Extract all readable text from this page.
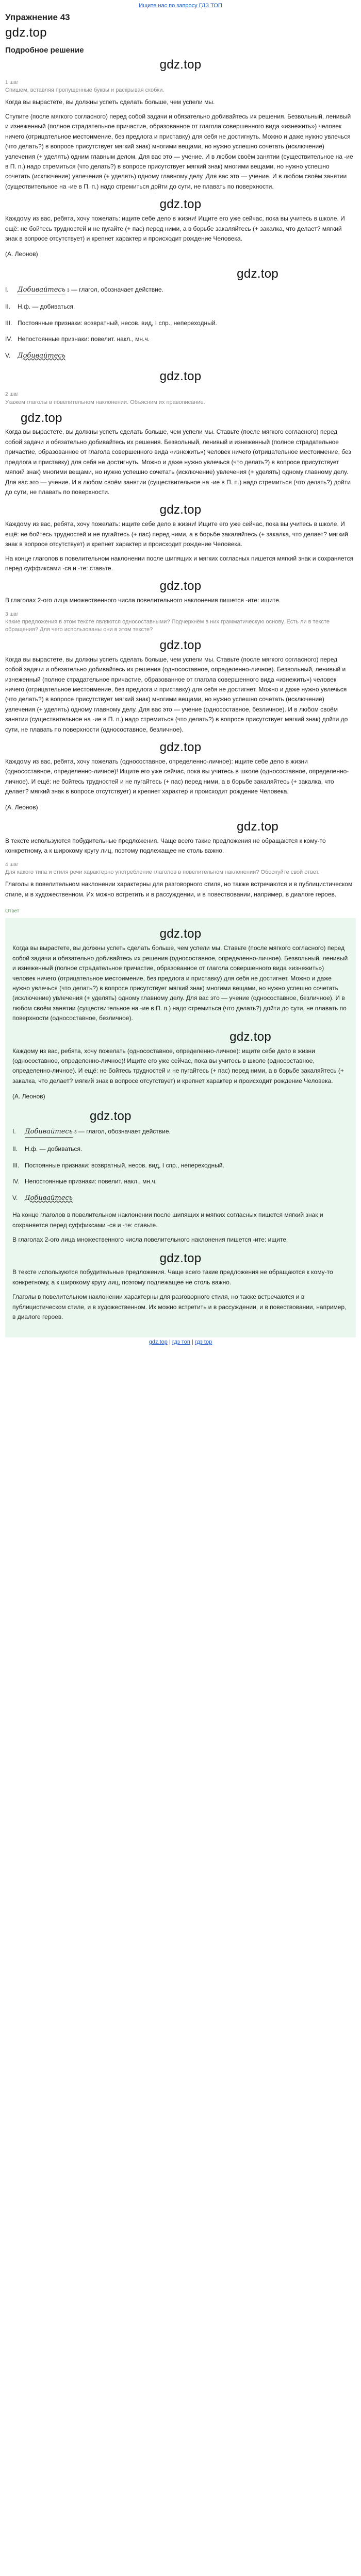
Ищите нас по запросу ГДЗ ТОП
Упражнение 43
gdz.top
Подробное решение
gdz.top
1 шаг
Спишем, вставляя пропущенные буквы и раскрывая скобки.

Когда вы вырастете, вы должны успеть сделать больше, чем успели мы.

Ступите (после мягкого согласного) перед собой задачи и обязательно добивайтесь их решения. Безвольный, ленивый и изнеженный (полное страдательное причастие, образованное от глагола совершенного вида «изнежить») человек ничего (отрицательное местоимение, без предлога и приставку) для себя не достигнуть. Можно и даже нужно увлечься (что делать?) в вопросе присутствует мягкий знак) многими вещами, но нужно успешно сочетать (исключение) увлечения (+ уделять) одним главным делом. Для вас это — учение. И в любом своём занятии (существительное на -ие в П. п.) надо стремиться (что делать?) в вопросе присутствует мягкий знак) многими вещами, но нужно успешно сочетать (исключение) увлечения (+ уделять) одному главному делу. Для вас это — учение. И в любом своём занятии (существительное на -ие в П. п.) надо стремиться дойти до сути, не плавать по поверхности.

gdz.top

Каждому из вас, ребята, хочу пожелать: ищите себе дело в жизни! Ищите его уже сейчас, пока вы учитесь в школе. И ещё: не бойтесь трудностей и не пугайте (+ пас) перед ними, а в борьбе закаляйтесь (+ закалка, что делает? мягкий знак в вопросе отсутствует) и крепнет характер и происходит рождение Человека.

(А. Леонов)
gdz.top
I.	Добивайтесь
3
— глагол, обозначает действие.
II.	Н.ф. — добиваться.
III. Постоянные признаки: возвратный, несов. вид, I спр., непереходный.
IV. Непостоянные признаки: повелит. накл., мн.ч.
V.	Добивайтесь
gdz.top
2 шаг
Укажем глаголы в повелительном наклонении. Объясним их правописание.
gdz.top

Когда вы вырастете, вы должны успеть сделать больше, чем успели мы. Ставьте (после мягкого согласного) перед собой задачи и обязательно добивайтесь их решения. Безвольный, ленивый и изнеженный (полное страдательное причастие, образованное от глагола совершенного вида «изнежить») человек ничего (отрицательное местоимение, без предлога и приставку) для себя не достигнуть. Можно и даже нужно увлечься (что делать?) в вопросе присутствует мягкий знак) многими вещами, но нужно успешно сочетать (исключение) увлечения (+ уделять) одному главному делу. Для вас это — учение. И в любом своём занятии (существительное на -ие в П. п.) надо стремиться (что делать?) дойти до сути, не плавать по поверхности.

gdz.top

Каждому из вас, ребята, хочу пожелать: ищите себе дело в жизни! Ищите его уже сейчас, пока вы учитесь в школе. И ещё: не бойтесь трудностей и не пугайтесь (+ пас) перед ними, а в борьбе закаляйтесь (+ закалка, что делает? мягкий знак в вопросе отсутствует) и крепнет характер и происходит рождение Человека.

На конце глаголов в повелительном наклонении после шипящих и мягких согласных пишется мягкий знак и сохраняется перед суффиксами -ся и -те: ставьте.

gdz.top

В глаголах 2-ого лица множественного числа повелительного наклонения пишется -ите: ищите.

3 шаг
Какие предложения в этом тексте являются односоставными? Подчеркнём в них грамматическую основу. Есть ли в тексте обращения? Для чего использованы они в этом тексте?
gdz.top

Когда вы вырастете, вы должны успеть сделать больше, чем успели мы. Ставьте (после мягкого согласного) перед собой задачи и обязательно добивайтесь их решения (односоставное, определенно-личное). Безвольный, ленивый и изнеженный (полное страдательное причастие, образованное от глагола совершенного вида «изнежить») человек ничего (отрицательное местоимение, без предлога и приставку) для себя не достигнет. Можно и даже нужно увлечься (что делать?) в вопросе присутствует мягкий знак) многими вещами, но нужно успешно сочетать (исключение) увлечения (+ уделять) одному главному делу. Для вас это — учение (односоставное, безличное). И в любом своём занятии (существительное на -ие в П. п.) надо стремиться (что делать?) в вопросе присутствует мягкий знак) дойти до сути, не плавать по поверхности (односоставное, безличное).

gdz.top

Каждому из вас, ребята, хочу пожелать (односоставное, определенно-личное): ищите себе дело в жизни (односоставное, определенно-личное)! Ищите его уже сейчас, пока вы учитесь в школе (односоставное, определенно-личное). И ещё: не бойтесь трудностей и не пугайтесь (+ пас) перед ними, а в борьбе закаляйтесь (+ закалка, что делает? мягкий знак в вопросе отсутствует) и крепнет характер и происходит рождение Человека.

(А. Леонов)
gdz.top

В тексте используются побудительные предложения. Чаще всего такие предложения не обращаются к кому-то конкретному, а к широкому кругу лиц, поэтому подлежащее не столь важно.

4 шаг
Для какого типа и стиля речи характерно употребление глаголов в повелительном наклонении? Обоснуйте свой ответ.

Глаголы в повелительном наклонении характерны для разговорного стиля, но также встречаются и в публицистическом стиле, и в художественном. Их можно встретить и в рассуждении, и в повествовании, например, в диалоге героев.

Ответ
gdz.top

Когда вы вырастете, вы должны успеть сделать больше, чем успели мы. Ставьте (после мягкого согласного) перед собой задачи и обязательно добивайтесь их решения (односоставное, определенно-личное). Безвольный, ленивый и изнеженный (полное страдательное причастие, образованное от глагола совершенного вида «изнежить») человек ничего (отрицательное местоимение, без предлога и приставку) для себя не достигнет. Можно и даже нужно увлечься (что делать?) в вопросе присутствует мягкий знак) многими вещами, но нужно успешно сочетать (исключение) увлечения (+ уделять) одному главному делу. Для вас это — учение (односоставное, безличное). И в любом своём занятии (существительное на -ие в П. п.) надо стремиться (что делать?) дойти до сути, не плавать по поверхности (односоставное, безличное).

gdz.top

Каждому из вас, ребята, хочу пожелать (односоставное, определенно-личное): ищите себе дело в жизни (односоставное, определенно-личное)! Ищите его уже сейчас, пока вы учитесь в школе (односоставное, определенно-личное). И ещё: не бойтесь трудностей и не пугайтесь (+ пас) перед ними, а в борьбе закаляйтесь (+ закалка, что делает? мягкий знак в вопросе отсутствует) и крепнет характер и происходит рождение Человека.

(А. Леонов)
gdz.top
I.	Добивайтесь
3
— глагол, обозначает действие.
II.	Н.ф. — добиваться.
III. Постоянные признаки: возвратный, несов. вид, I спр., непереходный.
IV. Непостоянные признаки: повелит. накл., мн.ч.
V.	Добивайтесь

На конце глаголов в повелительном наклонении после шипящих и мягких согласных пишется мягкий знак и сохраняется перед суффиксами -ся и -те: ставьте.

В глаголах 2-ого лица множественного числа повелительного наклонения пишется -ите: ищите.

gdz.top

В тексте используются побудительные предложения. Чаще всего такие предложения не обращаются к кому-то конкретному, а к широкому кругу лиц, поэтому подлежащее не столь важно.

Глаголы в повелительном наклонении характерны для разговорного стиля, но также встречаются и в публицистическом стиле, и в художественном. Их можно встретить и в рассуждении, и в повествовании, например, в диалоге героев.

gdz.top | гдз топ | гдз top
